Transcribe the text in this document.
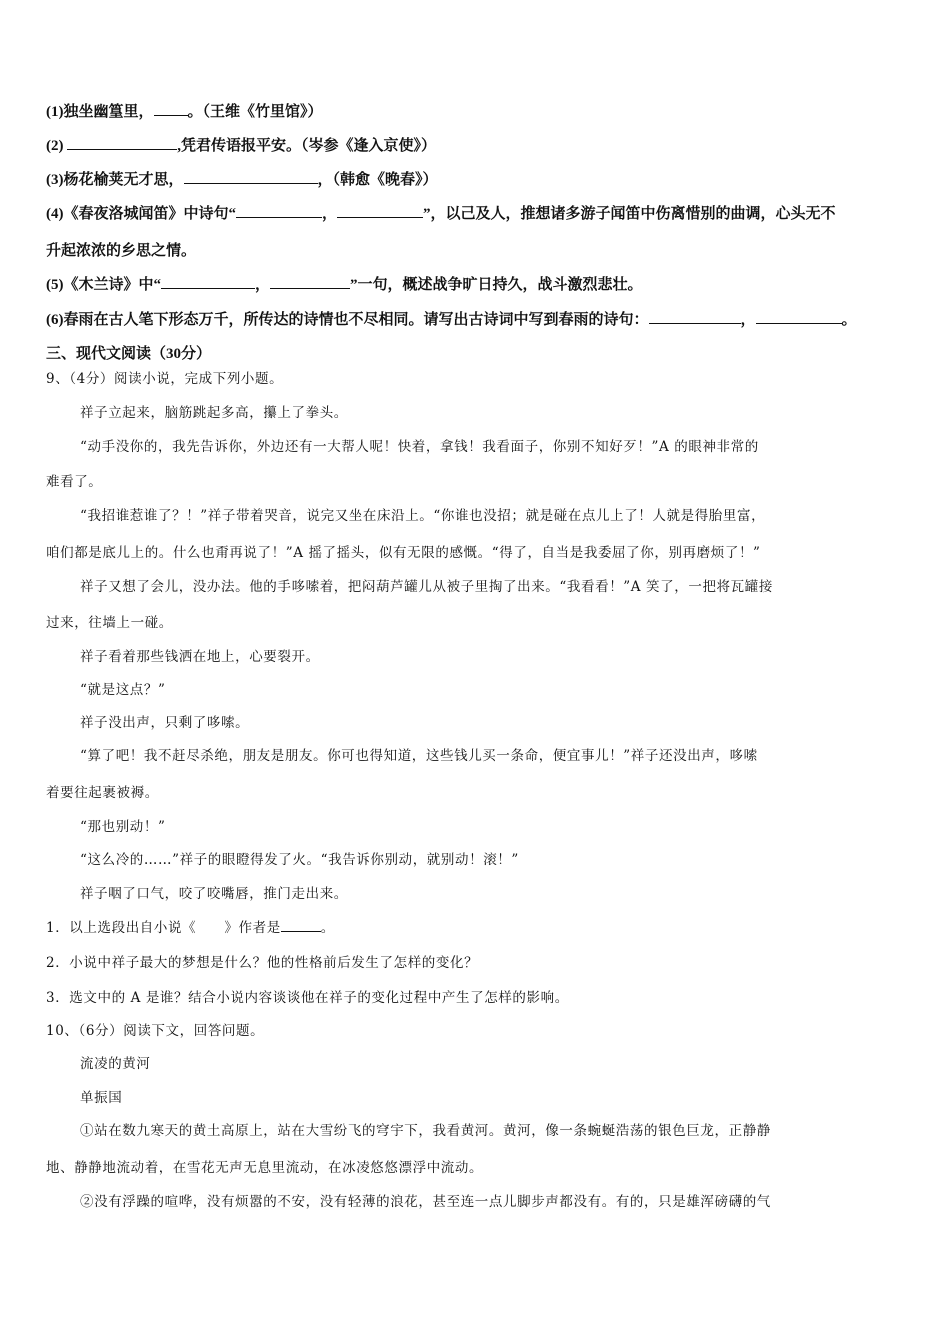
(1)独坐幽篁里， 。（王维《竹里馆》）
(2)	,凭君传语报平安。（岑参《逢入京使》）
(3)杨花榆荚无才思，	，（韩愈《晚春》）
(4)《春夜洛城闻笛》中诗句“	，	”，以己及人，推想诸多游子闻笛中伤离惜别的曲调，心头无不
升起浓浓的乡思之情。
(5)《木兰诗》中“	，	”一句，概述战争旷日持久，战斗激烈悲壮。
(6)春雨在古人笔下形态万千，所传达的诗情也不尽相同。请写出古诗词中写到春雨的诗句：	，	。
三、现代文阅读（30分）
9、（4分）阅读小说，完成下列小题。
祥子立起来，脑筋跳起多高，攥上了拳头。
“动手没你的，我先告诉你，外边还有一大帮人呢！快着，拿钱！我看面子，你别不知好歹！”A 的眼神非常的
难看了。
“我招谁惹谁了？！”祥子带着哭音，说完又坐在床沿上。“你谁也没招；就是碰在点儿上了！人就是得胎里富，
咱们都是底儿上的。什么也甭再说了！”A 摇了摇头，似有无限的感慨。“得了，自当是我委屈了你，别再磨烦了！”
祥子又想了会儿，没办法。他的手哆嗦着，把闷葫芦罐儿从被子里掏了出来。“我看看！”A 笑了，一把将瓦罐接
过来，往墙上一碰。
祥子看着那些钱洒在地上，心要裂开。
“就是这点？”
祥子没出声，只剩了哆嗦。
“算了吧！我不赶尽杀绝，朋友是朋友。你可也得知道，这些钱儿买一条命，便宜事儿！”祥子还没出声，哆嗦
着要往起裹被褥。
“那也别动！”
“这么冷的……”祥子的眼瞪得发了火。“我告诉你别动，就别动！滚！”
祥子咽了口气，咬了咬嘴唇，推门走出来。
1．以上选段出自小说《　　》作者是	。
2．小说中祥子最大的梦想是什么？他的性格前后发生了怎样的变化？
3．选文中的 A 是谁？结合小说内容谈谈他在祥子的变化过程中产生了怎样的影响。
10、（6分）阅读下文，回答问题。
流凌的黄河
单振国
①站在数九寒天的黄土高原上，站在大雪纷飞的穹宇下，我看黄河。黄河，像一条蜿蜒浩荡的银色巨龙，正静静
地、静静地流动着，在雪花无声无息里流动，在冰凌悠悠漂浮中流动。
②没有浮躁的喧哗，没有烦嚣的不安，没有轻薄的浪花，甚至连一点儿脚步声都没有。有的，只是雄浑磅礴的气
